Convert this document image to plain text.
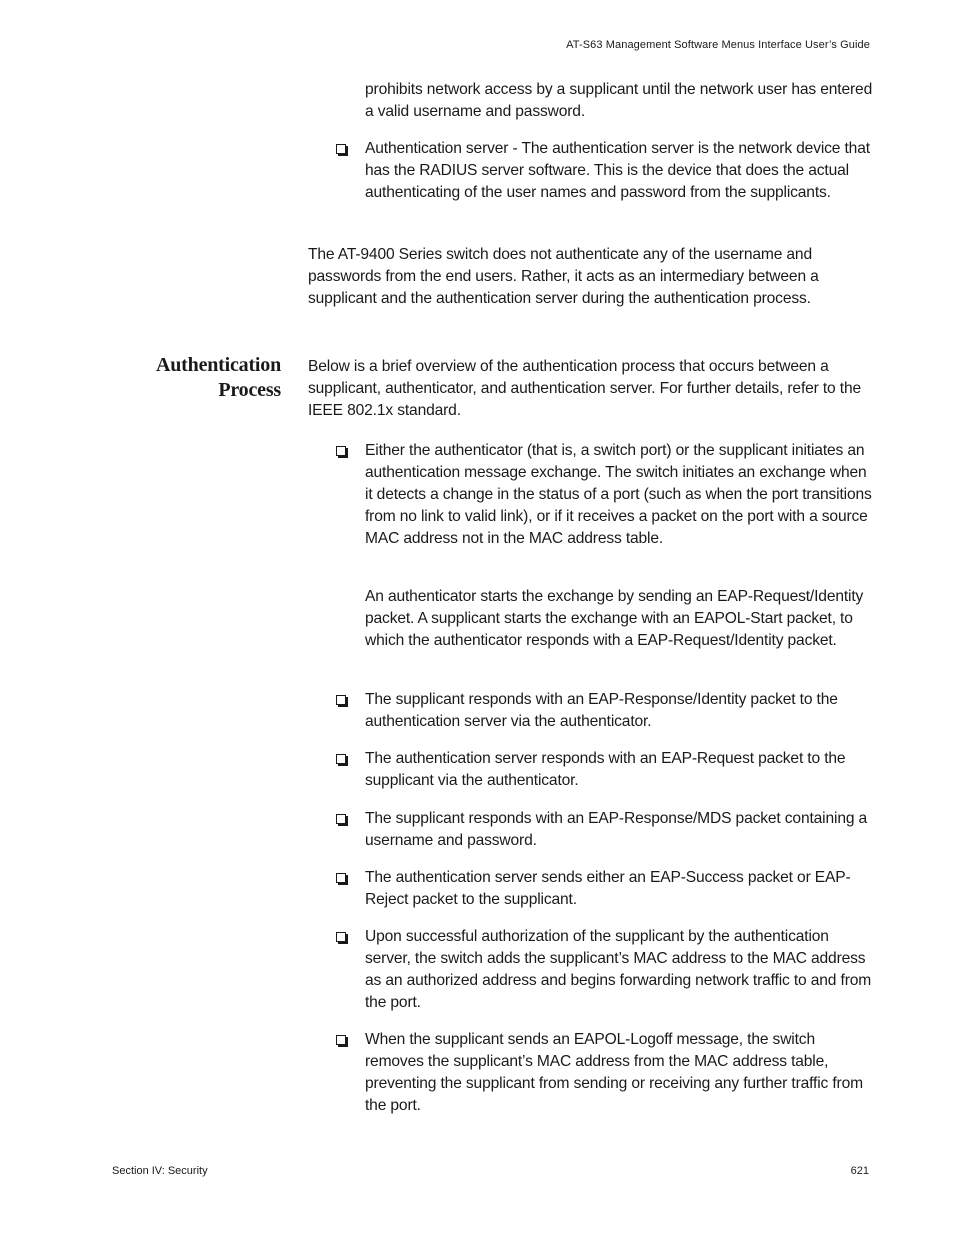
AT-S63 Management Software Menus Interface User’s Guide

prohibits network access by a supplicant until the network user has entered a valid username and password.

Authentication server - The authentication server is the network device that has the RADIUS server software. This is the device that does the actual authenticating of the user names and password from the supplicants.

The AT-9400 Series switch does not authenticate any of the username and passwords from the end users. Rather, it acts as an intermediary between a supplicant and the authentication server during the authentication process.

Authentication
Process

Below is a brief overview of the authentication process that occurs between a supplicant, authenticator, and authentication server. For further details, refer to the IEEE 802.1x standard.

Either the authenticator (that is, a switch port) or the supplicant initiates an authentication message exchange. The switch initiates an exchange when it detects a change in the status of a port (such as when the port transitions from no link to valid link), or if it receives a packet on the port with a source MAC address not in the MAC address table.

An authenticator starts the exchange by sending an EAP-Request/Identity packet. A supplicant starts the exchange with an EAPOL-Start packet, to which the authenticator responds with a EAP-Request/Identity packet.

The supplicant responds with an EAP-Response/Identity packet to the authentication server via the authenticator.

The authentication server responds with an EAP-Request packet to the supplicant via the authenticator.

The supplicant responds with an EAP-Response/MDS packet containing a username and password.

The authentication server sends either an EAP-Success packet or EAP-Reject packet to the supplicant.

Upon successful authorization of the supplicant by the authentication server, the switch adds the supplicant’s MAC address to the MAC address as an authorized address and begins forwarding network traffic to and from the port.

When the supplicant sends an EAPOL-Logoff message, the switch removes the supplicant’s MAC address from the MAC address table, preventing the supplicant from sending or receiving any further traffic from the port.

Section IV: Security	621
